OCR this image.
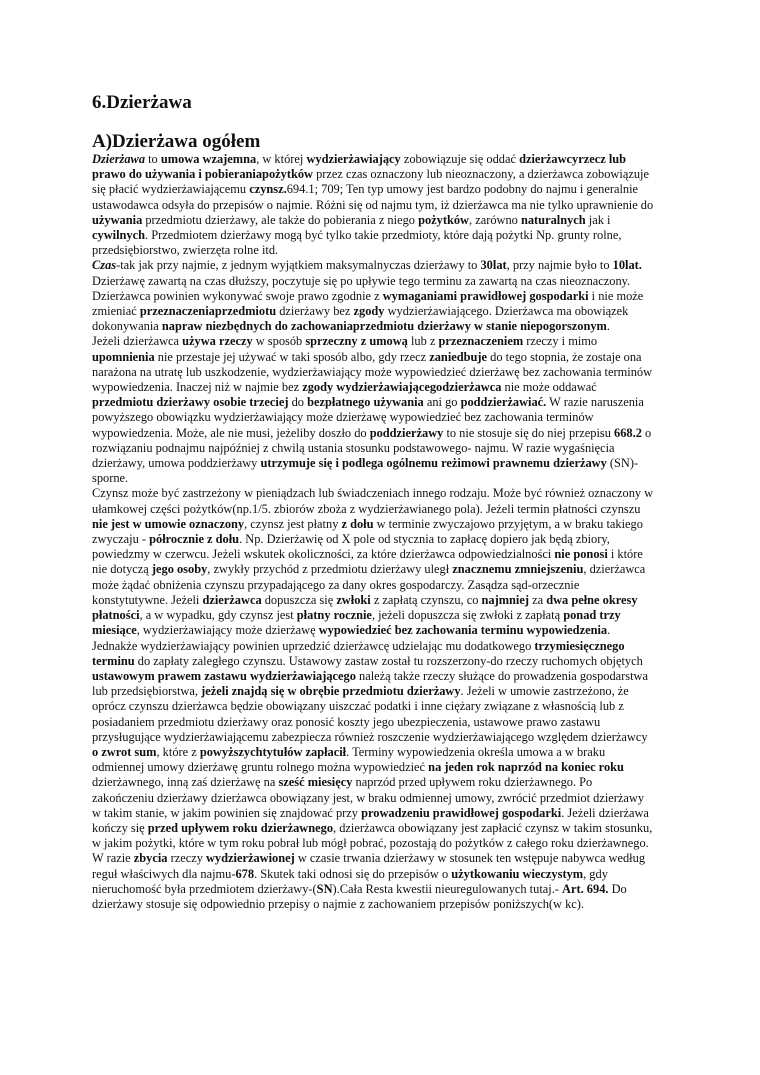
6.Dzierżawa
A)Dzierżawa ogółem
Dzierżawa to umowa wzajemna, w której wydzierżawiający zobowiązuje się oddać dzierżawcyrzecz lub
prawo do używania i pobieraniapożytków przez czas oznaczony lub nieoznaczony, a dzierżawca zobowiązuje
się płacić wydzierżawiającemu czynsz.694.1; 709; Ten typ umowy jest bardzo podobny do najmu i generalnie
ustawodawca odsyła do przepisów o najmie. Różni się od najmu tym, iż dzierżawca ma nie tylko uprawnienie do
używania przedmiotu dzierżawy, ale także do pobierania z niego pożytków, zarówno naturalnych jak i
cywilnych. Przedmiotem dzierżawy mogą być tylko takie przedmioty, które dają pożytki Np. grunty rolne,
przedsiębiorstwo, zwierzęta rolne itd.
Czas-tak jak przy najmie, z jednym wyjątkiem maksymalnyczas dzierżawy to 30lat, przy najmie było to 10lat.
Dzierżawę zawartą na czas dłuższy, poczytuje się po upływie tego terminu za zawartą na czas nieoznaczony.
Dzierżawca powinien wykonywać swoje prawo zgodnie z wymaganiami prawidłowej gospodarki i nie może
zmieniać przeznaczeniaprzedmiotu dzierżawy bez zgody wydzierżawiającego. Dzierżawca ma obowiązek
dokonywania napraw niezbędnych do zachowaniaprzedmiotu dzierżawy w stanie niepogorszonym.
Jeżeli dzierżawca używa rzeczy w sposób sprzeczny z umową lub z przeznaczeniem rzeczy i mimo
upomnienia nie przestaje jej używać w taki sposób albo, gdy rzecz zaniedbuje do tego stopnia, że zostaje ona
narażona na utratę lub uszkodzenie, wydzierżawiający może wypowiedzieć dzierżawę bez zachowania terminów
wypowiedzenia. Inaczej niż w najmie bez zgody wydzierżawiającegodzierżawca nie może oddawać
przedmiotu dzierżawy osobie trzeciej do bezpłatnego używania ani go poddzierżawiać. W razie naruszenia
powyższego obowiązku wydzierżawiający może dzierżawę wypowiedzieć bez zachowania terminów
wypowiedzenia. Może, ale nie musi, jeżeliby doszło do poddzierżawy to nie stosuje się do niej przepisu 668.2 o
rozwiązaniu podnajmu najpóźniej z chwilą ustania stosunku podstawowego- najmu. W razie wygaśnięcia
dzierżawy, umowa poddzierżawy utrzymuje się i podlega ogólnemu reżimowi prawnemu dzierżawy (SN)-
sporne.
Czynsz może być zastrzeżony w pieniądzach lub świadczeniach innego rodzaju. Może być również oznaczony w
ułamkowej części pożytków(np.1/5. zbiorów zboża z wydzierżawianego pola). Jeżeli termin płatności czynszu
nie jest w umowie oznaczony, czynsz jest płatny z dołu w terminie zwyczajowo przyjętym, a w braku takiego
zwyczaju - półrocznie z dołu. Np. Dzierżawię od X pole od stycznia to zapłacę dopiero jak będą zbiory,
powiedzmy w czerwcu. Jeżeli wskutek okoliczności, za które dzierżawca odpowiedzialności nie ponosi i które
nie dotyczą jego osoby, zwykły przychód z przedmiotu dzierżawy uległ znacznemu zmniejszeniu, dzierżawca
może żądać obniżenia czynszu przypadającego za dany okres gospodarczy. Zasądza sąd-orzecznie
konstytutywne. Jeżeli dzierżawca dopuszcza się zwłoki z zapłatą czynszu, co najmniej za dwa pełne okresy
płatności, a w wypadku, gdy czynsz jest płatny rocznie, jeżeli dopuszcza się zwłoki z zapłatą ponad trzy
miesiące, wydzierżawiający może dzierżawę wypowiedzieć bez zachowania terminu wypowiedzenia.
Jednakże wydzierżawiający powinien uprzedzić dzierżawcę udzielając mu dodatkowego trzymiesięcznego
terminu do zapłaty zaległego czynszu. Ustawowy zastaw został tu rozszerzony-do rzeczy ruchomych objętych
ustawowym prawem zastawu wydzierżawiającego należą także rzeczy służące do prowadzenia gospodarstwa
lub przedsiębiorstwa, jeżeli znajdą się w obrębie przedmiotu dzierżawy. Jeżeli w umowie zastrzeżono, że
oprócz czynszu dzierżawca będzie obowiązany uiszczać podatki i inne ciężary związane z własnością lub z
posiadaniem przedmiotu dzierżawy oraz ponosić koszty jego ubezpieczenia, ustawowe prawo zastawu
przysługujące wydzierżawiającemu zabezpiecza również roszczenie wydzierżawiającego względem dzierżawcy
o zwrot sum, które z powyższychtytułów zapłacił. Terminy wypowiedzenia określa umowa a w braku
odmiennej umowy dzierżawę gruntu rolnego można wypowiedzieć na jeden rok naprzód na koniec roku
dzierżawnego, inną zaś dzierżawę na sześć miesięcy naprzód przed upływem roku dzierżawnego. Po
zakończeniu dzierżawy dzierżawca obowiązany jest, w braku odmiennej umowy, zwrócić przedmiot dzierżawy
w takim stanie, w jakim powinien się znajdować przy prowadzeniu prawidłowej gospodarki. Jeżeli dzierżawa
kończy się przed upływem roku dzierżawnego, dzierżawca obowiązany jest zapłacić czynsz w takim stosunku,
w jakim pożytki, które w tym roku pobrał lub mógł pobrać, pozostają do pożytków z całego roku dzierżawnego.
W razie zbycia rzeczy wydzierżawionej w czasie trwania dzierżawy w stosunek ten wstępuje nabywca według
reguł właściwych dla najmu-678. Skutek taki odnosi się do przepisów o użytkowaniu wieczystym, gdy
nieruchomość była przedmiotem dzierżawy-(SN).Cała Resta kwestii nieuregulowanych tutaj.- Art. 694. Do
dzierżawy stosuje się odpowiednio przepisy o najmie z zachowaniem przepisów poniższych(w kc).
